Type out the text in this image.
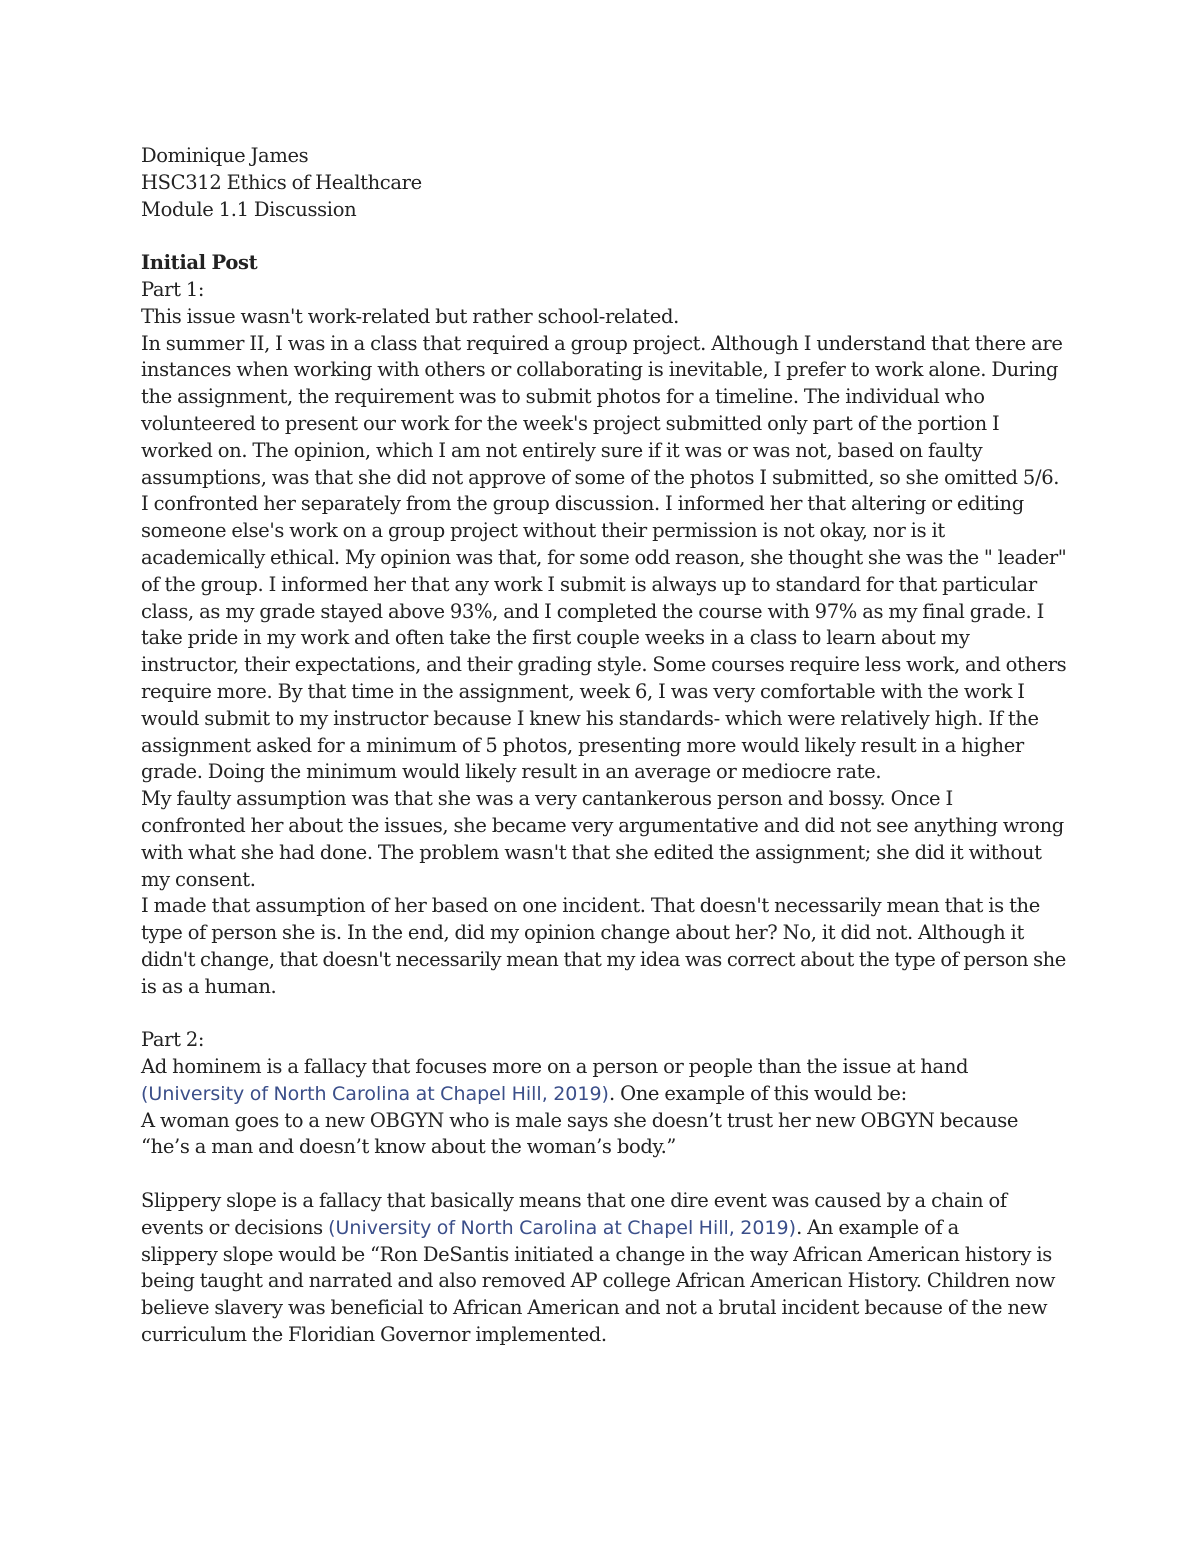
Dominique James
HSC312 Ethics of Healthcare
Module 1.1 Discussion
Initial Post
Part 1:
This issue wasn't work-related but rather school-related.
In summer II, I was in a class that required a group project. Although I understand that there are
instances when working with others or collaborating is inevitable, I prefer to work alone. During
the assignment, the requirement was to submit photos for a timeline. The individual who
volunteered to present our work for the week's project submitted only part of the portion I
worked on. The opinion, which I am not entirely sure if it was or was not, based on faulty
assumptions, was that she did not approve of some of the photos I submitted, so she omitted 5/6.
I confronted her separately from the group discussion. I informed her that altering or editing
someone else's work on a group project without their permission is not okay, nor is it
academically ethical. My opinion was that, for some odd reason, she thought she was the " leader"
of the group. I informed her that any work I submit is always up to standard for that particular
class, as my grade stayed above 93%, and I completed the course with 97% as my final grade. I
take pride in my work and often take the first couple weeks in a class to learn about my
instructor, their expectations, and their grading style. Some courses require less work, and others
require more. By that time in the assignment, week 6, I was very comfortable with the work I
would submit to my instructor because I knew his standards- which were relatively high. If the
assignment asked for a minimum of 5 photos, presenting more would likely result in a higher
grade. Doing the minimum would likely result in an average or mediocre rate.
My faulty assumption was that she was a very cantankerous person and bossy. Once I
confronted her about the issues, she became very argumentative and did not see anything wrong
with what she had done. The problem wasn't that she edited the assignment; she did it without
my consent.
I made that assumption of her based on one incident. That doesn't necessarily mean that is the
type of person she is. In the end, did my opinion change about her? No, it did not. Although it
didn't change, that doesn't necessarily mean that my idea was correct about the type of person she
is as a human.
Part 2:
Ad hominem is a fallacy that focuses more on a person or people than the issue at hand
(University of North Carolina at Chapel Hill, 2019). One example of this would be:
A woman goes to a new OBGYN who is male says she doesn’t trust her new OBGYN because
“he’s a man and doesn’t know about the woman’s body.”
Slippery slope is a fallacy that basically means that one dire event was caused by a chain of
events or decisions (University of North Carolina at Chapel Hill, 2019). An example of a
slippery slope would be “Ron DeSantis initiated a change in the way African American history is
being taught and narrated and also removed AP college African American History. Children now
believe slavery was beneficial to African American and not a brutal incident because of the new
curriculum the Floridian Governor implemented.
